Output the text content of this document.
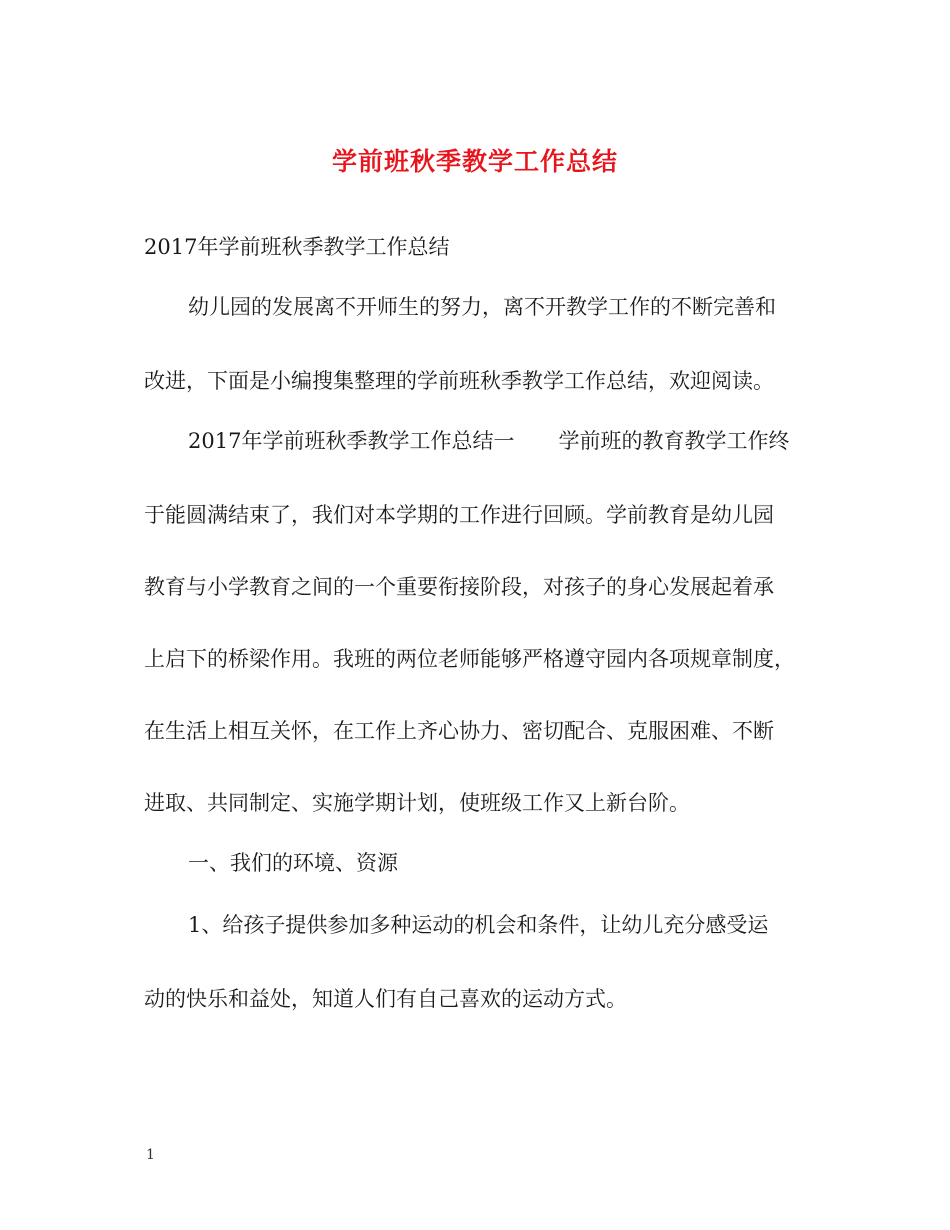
学前班秋季教学工作总结
2017年学前班秋季教学工作总结
幼儿园的发展离不开师生的努力，离不开教学工作的不断完善和
改进，下面是小编搜集整理的学前班秋季教学工作总结，欢迎阅读。
2017年学前班秋季教学工作总结一 学前班的教育教学工作终
于能圆满结束了，我们对本学期的工作进行回顾。学前教育是幼儿园
教育与小学教育之间的一个重要衔接阶段，对孩子的身心发展起着承
上启下的桥梁作用。我班的两位老师能够严格遵守园内各项规章制度，
在生活上相互关怀，在工作上齐心协力、密切配合、克服困难、不断
进取、共同制定、实施学期计划，使班级工作又上新台阶。
一、我们的环境、资源
1、给孩子提供参加多种运动的机会和条件，让幼儿充分感受运
动的快乐和益处，知道人们有自己喜欢的运动方式。
1
